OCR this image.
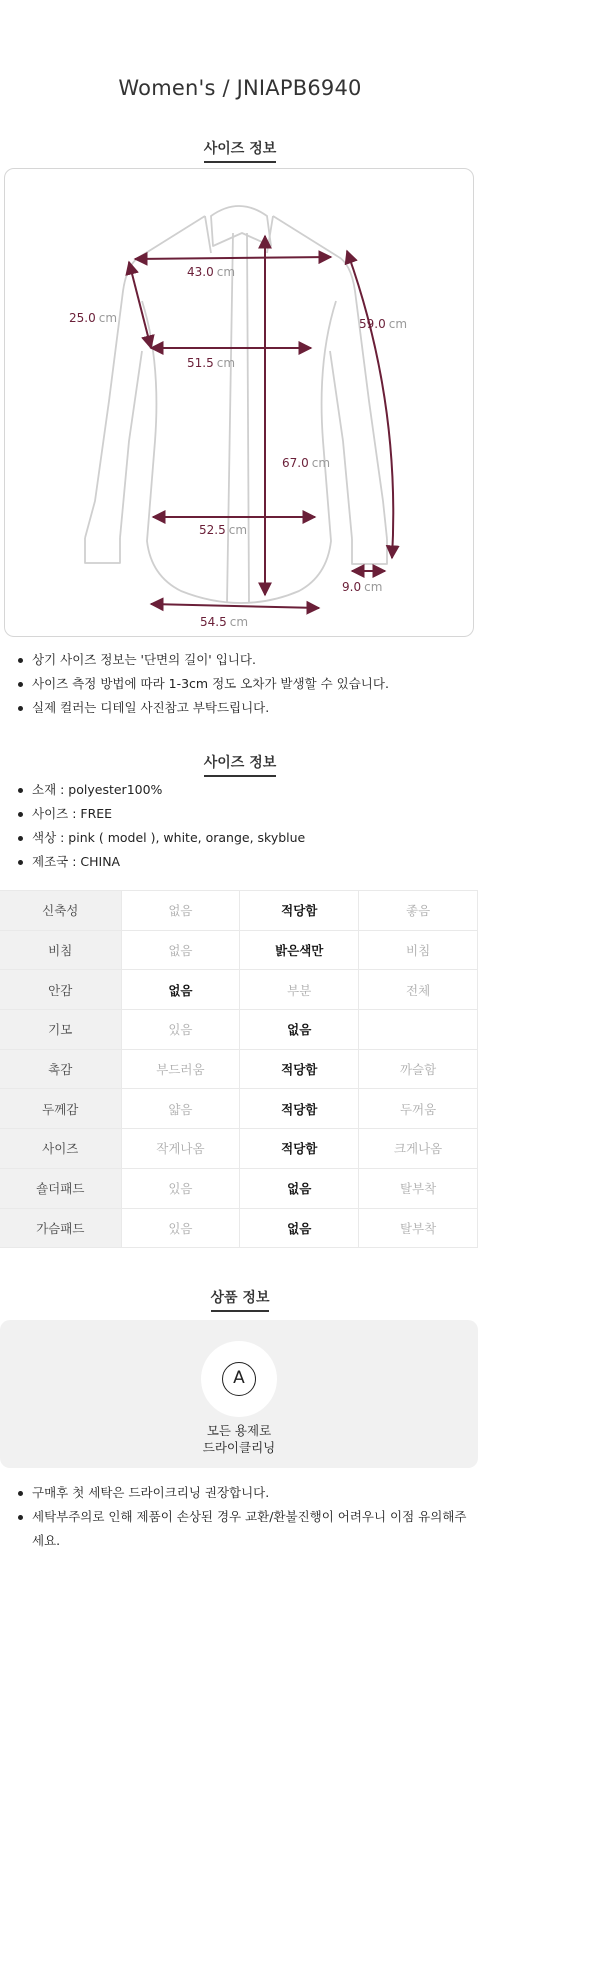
Women's / JNIAPB6940
사이즈 정보
43.0 cm
25.0 cm	59.0 cm
51.5 cm
67.0 cm
52.5 cm
9.0 cm
54.5 cm
상기 사이즈 정보는 '단면의 길이' 입니다.
사이즈 측정 방법에 따라 1-3cm 정도 오차가 발생할 수 있습니다.
실제 컬러는 디테일 사진참고 부탁드립니다.
사이즈 정보
소재 : polyester100%
사이즈 : FREE
색상 : pink ( model ), white, orange, skyblue
제조국 : CHINA
신축성	없음	적당함	좋음
비침	없음	밝은색만	비침
안감	없음	부분	전체
기모	있음	없음	
촉감	부드러움	적당함	까슬함
두께감	얇음	적당함	두꺼움
사이즈	작게나옴	적당함	크게나옴
숄더패드	있음	없음	탈부착
가슴패드	있음	없음	탈부착
상품 정보
A
모든 용제로
드라이클리닝
구매후 첫 세탁은 드라이크리닝 권장합니다.
세탁부주의로 인해 제품이 손상된 경우 교환/환불진행이 어려우니 이점 유의해주세요.
